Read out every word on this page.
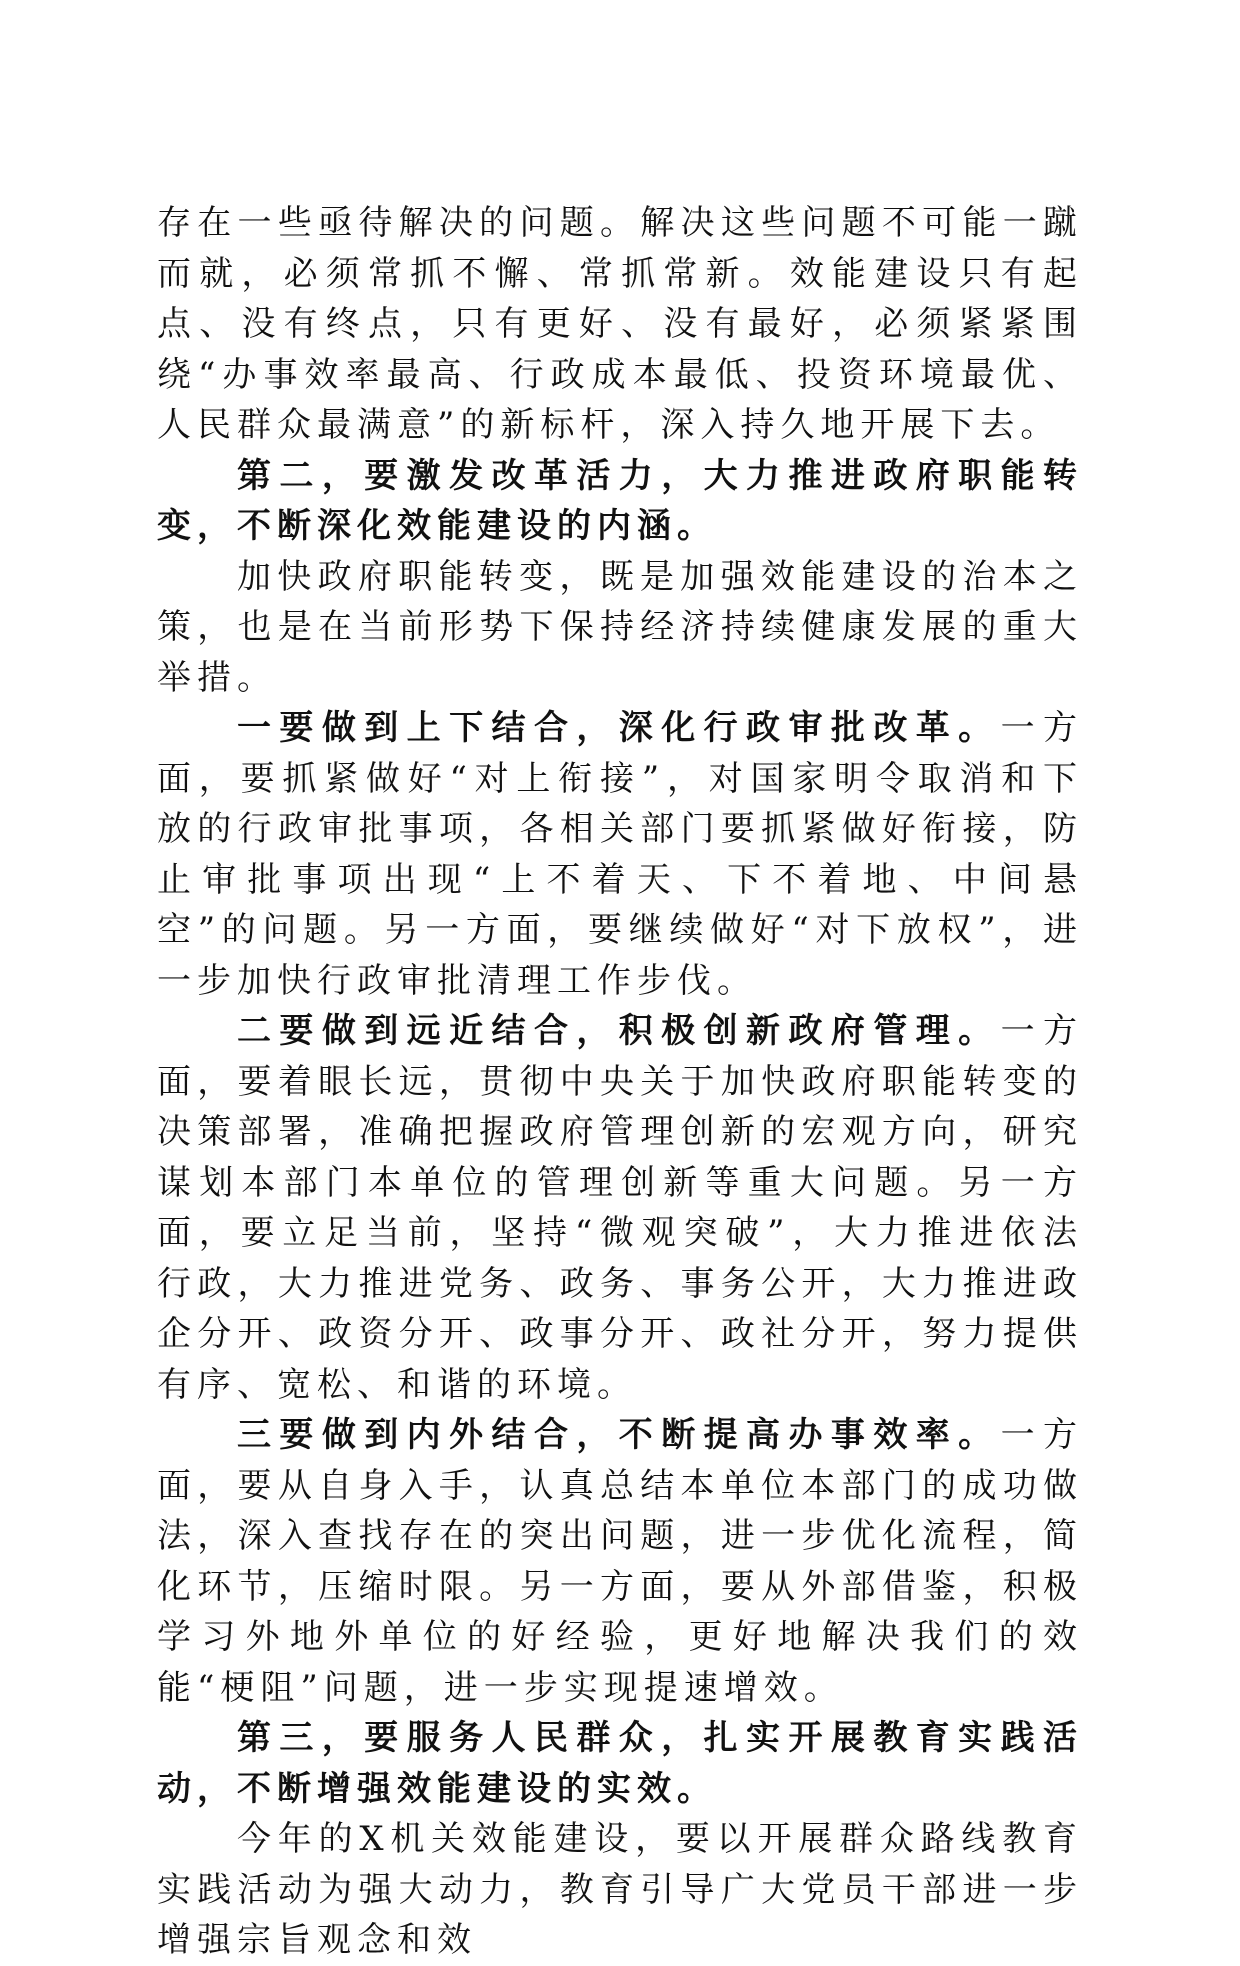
存在一些亟待解决的问题。解决这些问题不可能一蹴而就，必须常抓不懈、常抓常新。效能建设只有起点、没有终点，只有更好、没有最好，必须紧紧围绕“办事效率最高、行政成本最低、投资环境最优、人民群众最满意”的新标杆，深入持久地开展下去。

第二，要激发改革活力，大力推进政府职能转变，不断深化效能建设的内涵。

加快政府职能转变，既是加强效能建设的治本之策，也是在当前形势下保持经济持续健康发展的重大举措。

一要做到上下结合，深化行政审批改革。一方面，要抓紧做好“对上衔接”，对国家明令取消和下放的行政审批事项，各相关部门要抓紧做好衔接，防止审批事项出现“上不着天、下不着地、中间悬空”的问题。另一方面，要继续做好“对下放权”，进一步加快行政审批清理工作步伐。

二要做到远近结合，积极创新政府管理。一方面，要着眼长远，贯彻中央关于加快政府职能转变的决策部署，准确把握政府管理创新的宏观方向，研究谋划本部门本单位的管理创新等重大问题。另一方面，要立足当前，坚持“微观突破”，大力推进依法行政，大力推进党务、政务、事务公开，大力推进政企分开、政资分开、政事分开、政社分开，努力提供有序、宽松、和谐的环境。

三要做到内外结合，不断提高办事效率。一方面，要从自身入手，认真总结本单位本部门的成功做法，深入查找存在的突出问题，进一步优化流程，简化环节，压缩时限。另一方面，要从外部借鉴，积极学习外地外单位的好经验，更好地解决我们的效能“梗阻”问题，进一步实现提速增效。

第三，要服务人民群众，扎实开展教育实践活动，不断增强效能建设的实效。

今年的X机关效能建设，要以开展群众路线教育实践活动为强大动力，教育引导广大党员干部进一步增强宗旨观念和效
